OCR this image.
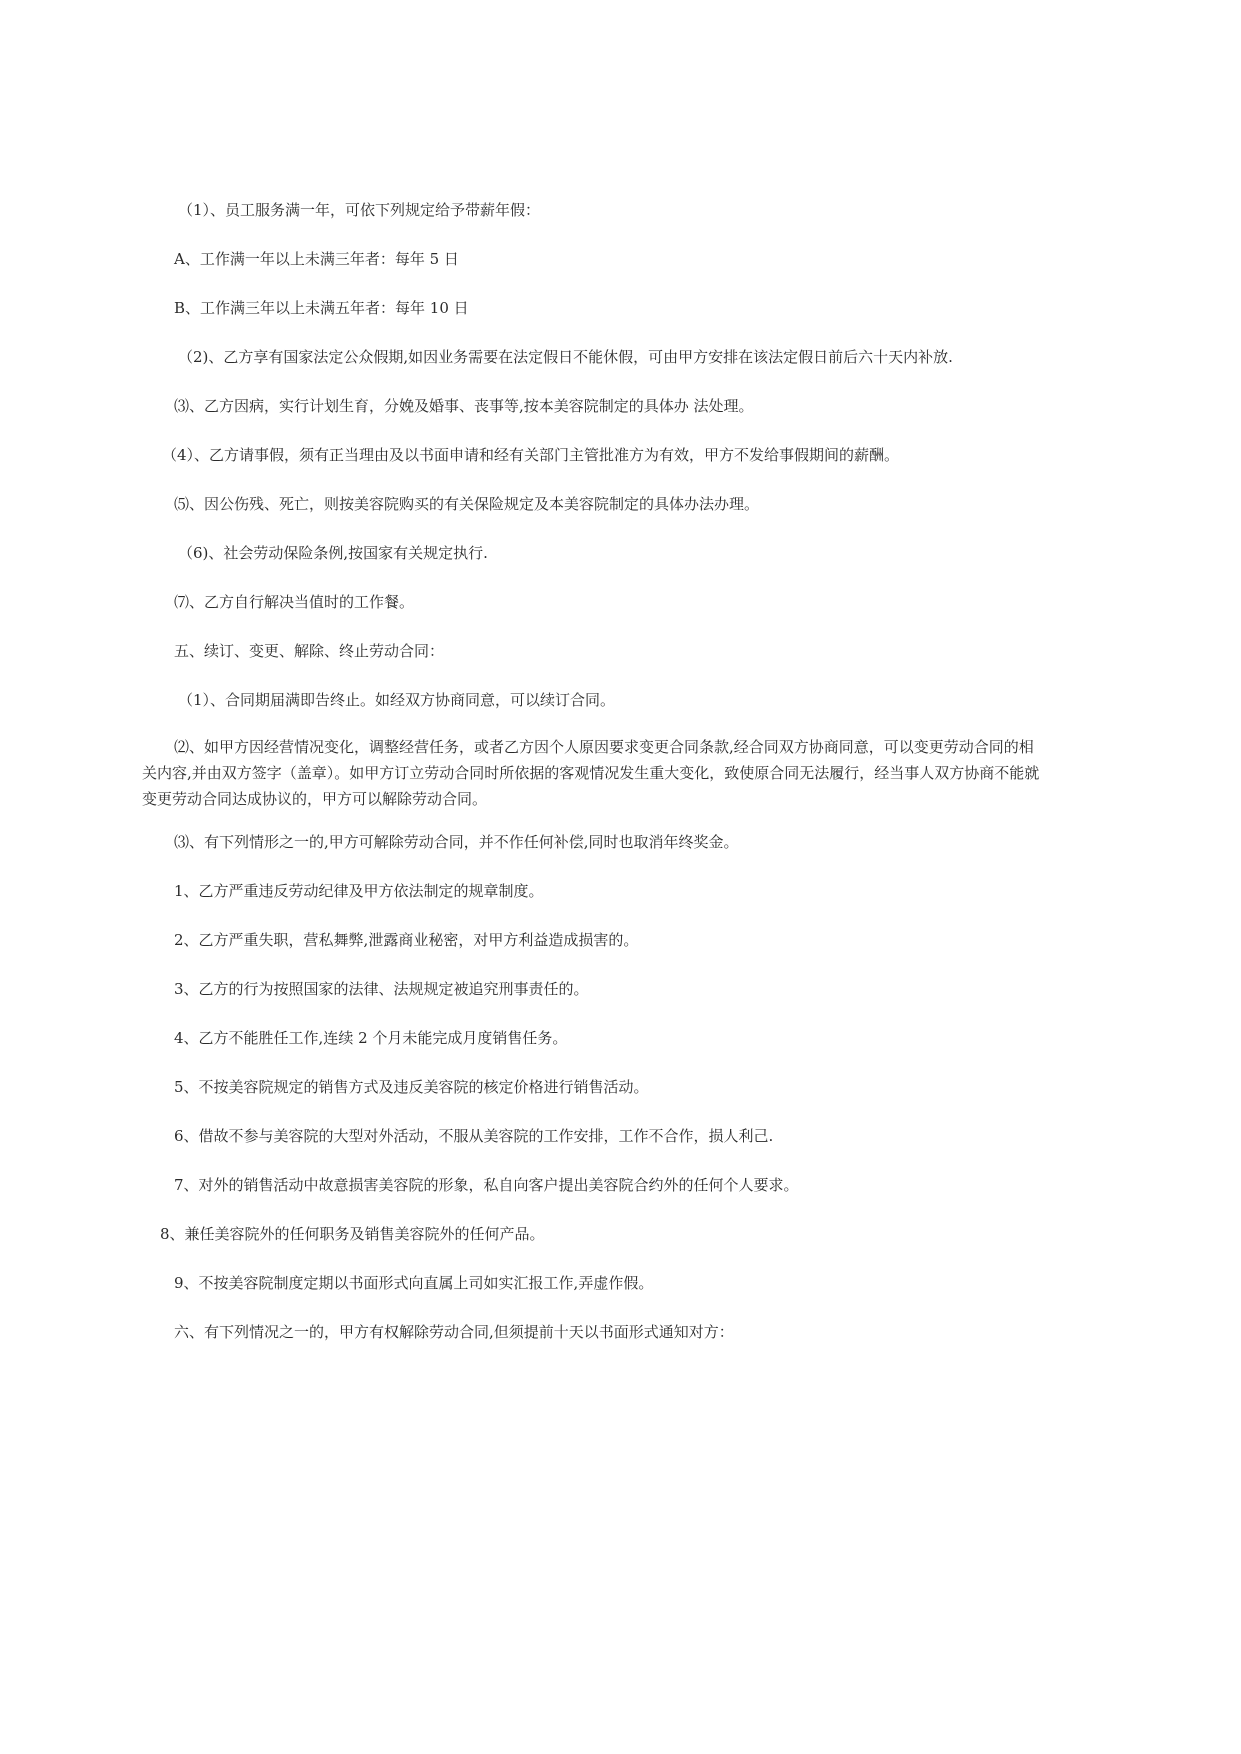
（1）、员工服务满一年，可依下列规定给予带薪年假：

A、工作满一年以上未满三年者：每年 5 日

B、工作满三年以上未满五年者：每年 10 日

（2)、乙方享有国家法定公众假期,如因业务需要在法定假日不能休假，可由甲方安排在该法定假日前后六十天内补放.

⑶、乙方因病，实行计划生育，分娩及婚事、丧事等,按本美容院制定的具体办 法处理。

（4）、乙方请事假，须有正当理由及以书面申请和经有关部门主管批准方为有效，甲方不发给事假期间的薪酬。

⑸、因公伤残、死亡，则按美容院购买的有关保险规定及本美容院制定的具体办法办理。

（6)、社会劳动保险条例,按国家有关规定执行.

⑺、乙方自行解决当值时的工作餐。

五、续订、变更、解除、终止劳动合同：

（1）、合同期届满即告终止。如经双方协商同意，可以续订合同。

⑵、如甲方因经营情况变化，调整经营任务，或者乙方因个人原因要求变更合同条款,经合同双方协商同意，可以变更劳动合同的相关内容,并由双方签字（盖章）。如甲方订立劳动合同时所依据的客观情况发生重大变化，致使原合同无法履行，经当事人双方协商不能就变更劳动合同达成协议的，甲方可以解除劳动合同。

⑶、有下列情形之一的,甲方可解除劳动合同，并不作任何补偿,同时也取消年终奖金。

1、乙方严重违反劳动纪律及甲方依法制定的规章制度。

2、乙方严重失职，营私舞弊,泄露商业秘密，对甲方利益造成损害的。

3、乙方的行为按照国家的法律、法规规定被追究刑事责任的。

4、乙方不能胜任工作,连续 2 个月未能完成月度销售任务。

5、不按美容院规定的销售方式及违反美容院的核定价格进行销售活动。

6、借故不参与美容院的大型对外活动，不服从美容院的工作安排，工作不合作，损人利己.

7、对外的销售活动中故意损害美容院的形象，私自向客户提出美容院合约外的任何个人要求。

8、兼任美容院外的任何职务及销售美容院外的任何产品。

9、不按美容院制度定期以书面形式向直属上司如实汇报工作,弄虚作假。

六、有下列情况之一的，甲方有权解除劳动合同,但须提前十天以书面形式通知对方：
